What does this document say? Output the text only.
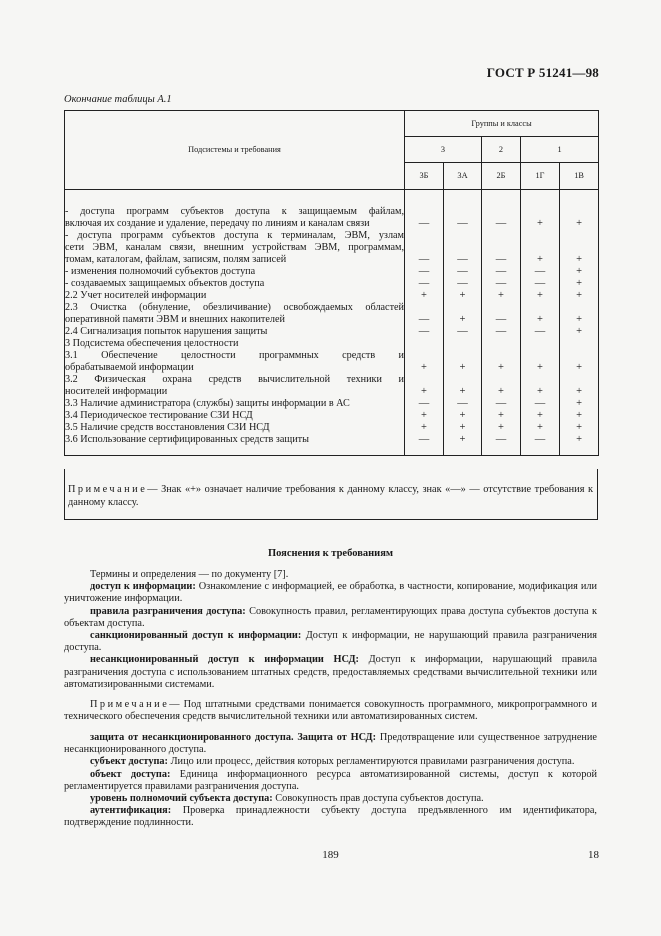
ГОСТ Р 51241—98
Окончание таблицы А.1
Подсистемы и требования	Группы и классы				
	3		2	1	
	3Б	3А	2Б	1Г	1В

- доступа программ субъектов доступа к защищаемым файлам,
включая их создание и удаление, передачу по линиям и каналам связи	—	—	—	+	+

- доступа программ субъектов доступа к терминалам, ЭВМ, узлам
сети ЭВМ, каналам связи, внешним устройствам ЭВМ, программам,
томам, каталогам, файлам, записям, полям записей	—	—	—	+	+

- изменения полномочий субъектов доступа	—	—	—	—	+

- создаваемых защищаемых объектов доступа	—	—	—	—	+

2.2 Учет носителей информации	+	+	+	+	+

2.3 Очистка (обнуление, обезличивание) освобождаемых областей
оперативной памяти ЭВМ и внешних накопителей	—	+	—	+	+

2.4 Сигнализация попыток нарушения защиты	—	—	—	—	+

3 Подсистема обеспечения целостности					

3.1 Обеспечение целостности программных средств и
обрабатываемой информации	+	+	+	+	+

3.2 Физическая охрана средств вычислительной техники и
носителей информации	+	+	+	+	+

3.3 Наличие администратора (службы) защиты информации в АС	—	—	—	—	+

3.4 Периодическое тестирование СЗИ НСД	+	+	+	+	+

3.5 Наличие средств восстановления СЗИ НСД	+	+	+	+	+

3.6 Использование сертифицированных средств защиты	—	+	—	—	+

Примечание— Знак «+» означает наличие требования к данному классу, знак «—» — отсутствие требования к данному классу.
Пояснения к требованиям

Термины и определения — по документу [7].

доступ к информации: Ознакомление с информацией, ее обработка, в частности, копирование, модификация или уничтожение информации.

правила разграничения доступа: Совокупность правил, регламентирующих права доступа субъектов доступа к объектам доступа.

санкционированный доступ к информации: Доступ к информации, не нарушающий правила разграничения доступа.

несанкционированный доступ к информации НСД: Доступ к информации, нарушающий правила разграничения доступа с использованием штатных средств, предоставляемых средствами вычислительной техники или автоматизированными системами.

Примечание— Под штатными средствами понимается совокупность программного, микропрограммного и технического обеспечения средств вычислительной техники или автоматизированных систем.

защита от несанкционированного доступа. Защита от НСД: Предотвращение или существенное затруднение несанкционированного доступа.

субъект доступа: Лицо или процесс, действия которых регламентируются правилами разграничения доступа.

объект доступа: Единица информационного ресурса автоматизированной системы, доступ к которой регламентируется правилами разграничения доступа.

уровень полномочий субъекта доступа: Совокупность прав доступа субъектов доступа.

аутентификация: Проверка принадлежности субъекту доступа предъявленного им идентификатора, подтверждение подлинности.

189	18
